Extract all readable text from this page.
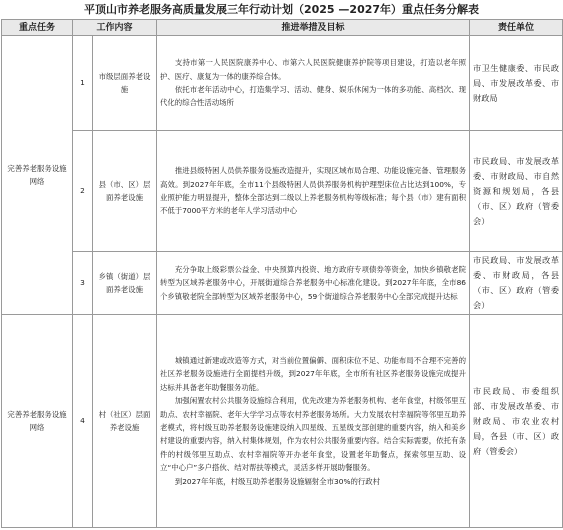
平顶山市养老服务高质量发展三年行动计划（2025 —2027年）重点任务分解表
重点任务	工作内容		推进举措及目标	责任单位
完善养老服务设施网络	1	市级层面养老设施	支持市第一人民医院康养中心、市第六人民医院健康养护院等项目建设，打造以老年照护、医疗、康复为一体的康养综合体。

依托市老年活动中心，打造集学习、活动、健身、娱乐休闲为一体的多功能、高档次、现代化的综合性活动场所	市卫生健康委、市民政局、市发展改革委、市财政局
	2	县（市、区）层面养老设施	推进县级特困人员供养服务设施改造提升，实现区域布局合理、功能设施完备、管理服务高效。到2027年年底，全市11个县级特困人员供养服务机构护理型床位占比达到100%，专业照护能力明显提升，整体全部达到二级以上养老服务机构等级标准；每个县（市）建有面积不低于7000平方米的老年人学习活动中心	市民政局、市发展改革委、市财政局、市自然资源和规划局，各县（市、区）政府（管委会）
	3	乡镇（街道）层面养老设施	充分争取上级彩票公益金、中央预算内投资、地方政府专项债券等资金，加快乡镇敬老院转型为区域养老服务中心，开展街道综合养老服务中心标准化建设。到2027年年底，全市86个乡镇敬老院全部转型为区域养老服务中心，59个街道综合养老服务中心全部完成提升达标	市民政局、市发展改革委、市财政局，各县（市、区）政府（管委会）
完善养老服务设施网络	4	村（社区）层面养老设施	城镇通过新建或改造等方式，对当前位置偏僻、面积床位不足、功能布局不合理不完善的社区养老服务设施进行全面提档升级，到2027年年底，全市所有社区养老服务设施完成提升达标并具备老年助餐服务功能。

加强闲置农村公共服务设施综合利用，优先改建为养老服务机构、老年食堂，村级邻里互助点、农村幸福院、老年大学学习点等农村养老服务场所。大力发展农村幸福院等邻里互助养老模式，将村级互助养老服务设施建设纳入四星级、五星级支部创建的重要内容，纳入和美乡村建设的重要内容，纳入村集体规划，作为农村公共服务重要内容。结合实际需要，依托有条件的村级邻里互助点、农村幸福院等开办老年食堂，设置老年助餐点，探索邻里互助、设立“中心户”多户搭伙、结对帮扶等模式，灵活多样开展助餐服务。

到2027年年底，村级互助养老服务设施辐射全市30%的行政村	市民政局、市委组织部、市发展改革委、市财政局、市农业农村局，各县（市、区）政府（管委会）
